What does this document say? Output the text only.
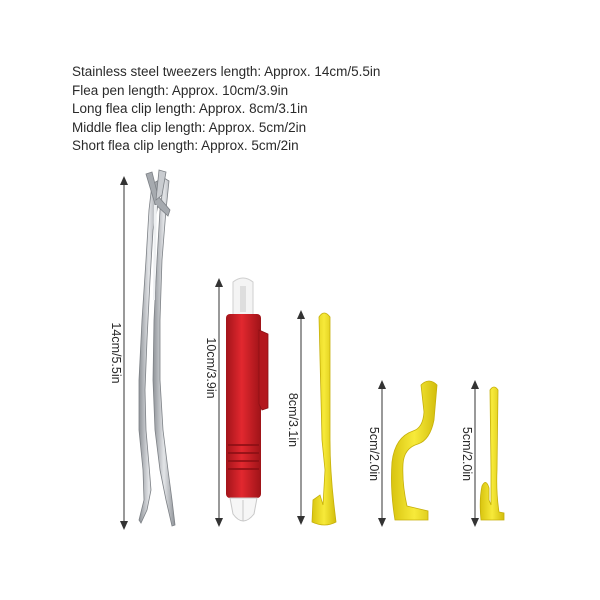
Stainless steel tweezers length: Approx. 14cm/5.5in
Flea pen length: Approx. 10cm/3.9in
Long flea clip length: Approx. 8cm/3.1in
Middle flea clip length: Approx. 5cm/2in
Short flea clip length: Approx. 5cm/2in
14cm/5.5in	10cm/3.9in
8cm/3.1in
5cm/2.0in	5cm/2.0in
